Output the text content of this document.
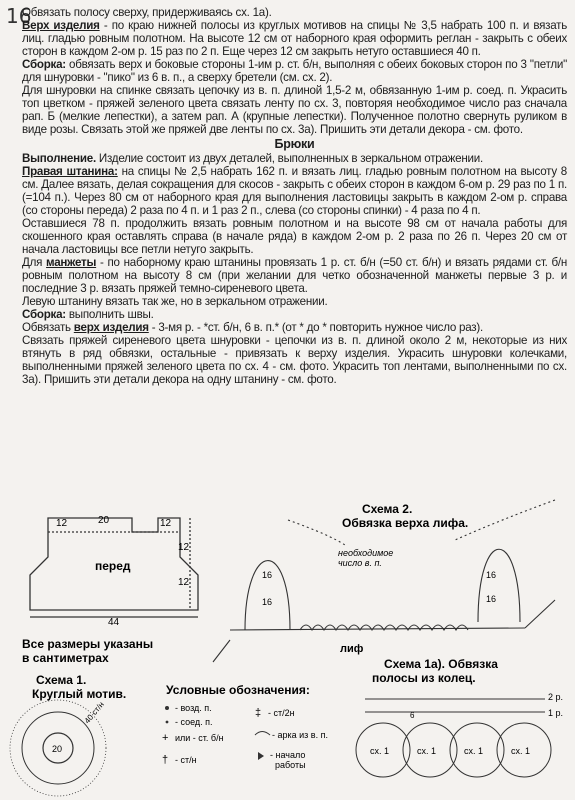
16

Обвязать полосу сверху, придерживаясь сх. 1а).

Верх изделия - по краю нижней полосы из круглых мотивов на спицы № 3,5 набрать 100 п. и вязать лиц. гладью ровным полотном. На высоте 12 см от наборного края оформить реглан - закрыть с обеих сторон в каждом 2-ом р. 15 раз по 2 п. Еще через 12 см закрыть нетуго оставшиеся 40 п.

Сборка: обвязать верх и боковые стороны 1-им р. ст. б/н, выполняя с обеих боковых сторон по 3 "петли" для шнуровки - "пико" из 6 в. п., а сверху бретели (см. сх. 2).

Для шнуровки на спинке связать цепочку из в. п. длиной 1,5-2 м, обвязанную 1-им р. соед. п. Украсить топ цветком - пряжей зеленого цвета связать ленту по сх. 3, повторяя необходимое число раз сначала рап. Б (мелкие лепестки), а затем рап. А (крупные лепестки). Полученное полотно свернуть руликом в виде розы. Связать этой же пряжей две ленты по сх. 3а). Пришить эти детали декора - см. фото.

Брюки

Выполнение. Изделие состоит из двух деталей, выполненных в зеркальном отражении.

Правая штанина: на спицы № 2,5 набрать 162 п. и вязать лиц. гладью ровным полотном на высоту 8 см. Далее вязать, делая сокращения для скосов - закрыть с обеих сторон в каждом 6-ом р. 29 раз по 1 п. (=104 п.). Через 80 см от наборного края для выполнения ластовицы закрыть в каждом 2-ом р. справа (со стороны переда) 2 раза по 4 п. и 1 раз 2 п., слева (со стороны спинки) - 4 раза по 4 п.

Оставшиеся 78 п. продолжить вязать ровным полотном и на высоте 98 см от начала работы для скошенного края оставлять справа (в начале ряда) в каждом 2-ом р. 2 раза по 26 п. Через 20 см от начала ластовицы все петли нетуго закрыть.

Для манжеты - по наборному краю штанины провязать 1 р. ст. б/н (=50 ст. б/н) и вязать рядами ст. б/н ровным полотном на высоту 8 см (при желании для четко обозначенной манжеты первые 3 р. и последние 3 р. вязать пряжей темно-сиреневого цвета.

Левую штанину вязать так же, но в зеркальном отражении.

Сборка: выполнить швы.

Обвязать верх изделия - 3-мя р. - *ст. б/н, 6 в. п.* (от * до * повторить нужное число раз).

Связать пряжей сиреневого цвета шнуровки - цепочки из в. п. длиной около 2 м, некоторые из них втянуть в ряд обвязки, остальные - привязать к верху изделия. Украсить шнуровки колечками, выполненными пряжей зеленого цвета по сх. 4 - см. фото. Украсить топ лентами, выполненными по сх. 3а). Пришить эти детали декора на одну штанину - см. фото.

12	20	12
12
12
перед
44
Все размеры указаны
в сантиметрах
Схема 2.
Обвязка верха лифа.
16
16
16
16
необходимое
число в. п.
лиф
Схема 1.
Круглый мотив.
20
40 ст/н
Условные обозначения:
- возд. п.
- соед. п.
+ или - ст. б/н
† - ст/н
‡ - ст/2н
- арка из в. п.
- начало
работы
Схема 1а). Обвязка
полосы из колец.
2 р.
1 р.
6
сх. 1	сх. 1	сх. 1	сх. 1
